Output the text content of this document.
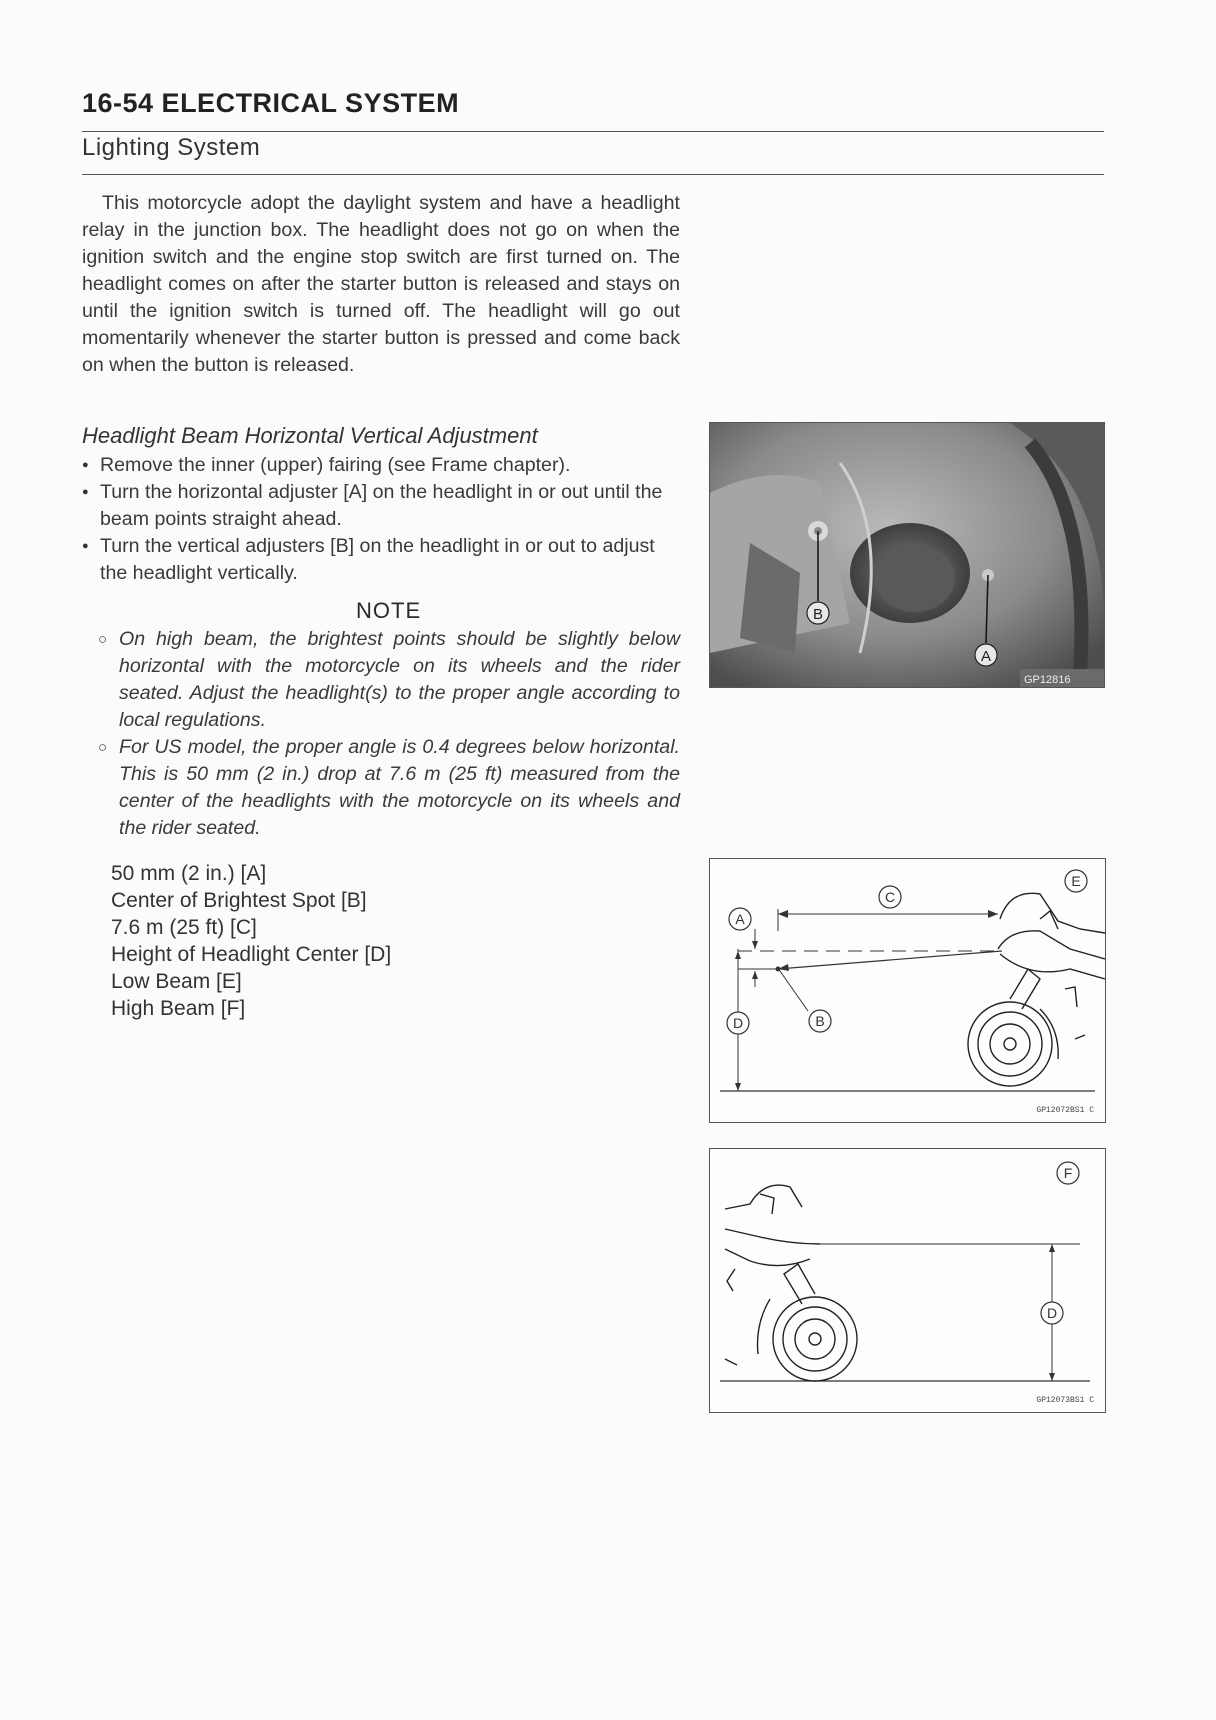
16-54 ELECTRICAL SYSTEM
Lighting System

This motorcycle adopt the daylight system and have a headlight relay in the junction box. The headlight does not go on when the ignition switch and the engine stop switch are first turned on. The headlight comes on after the starter button is released and stays on until the ignition switch is turned off. The headlight will go out momentarily whenever the starter button is pressed and come back on when the button is released.

Headlight Beam Horizontal Vertical Adjustment
● Remove the inner (upper) fairing (see Frame chapter).
● Turn the horizontal adjuster [A] on the headlight in or out until the beam points straight ahead.
● Turn the vertical adjusters [B] on the headlight in or out to adjust the headlight vertically.
NOTE
○ On high beam, the brightest points should be slightly below horizontal with the motorcycle on its wheels and the rider seated. Adjust the headlight(s) to the proper angle according to local regulations.
○ For US model, the proper angle is 0.4 degrees below horizontal. This is 50 mm (2 in.) drop at 7.6 m (25 ft) measured from the center of the headlights with the motorcycle on its wheels and the rider seated.
50 mm (2 in.) [A]
Center of Brightest Spot [B]
7.6 m (25 ft) [C]
Height of Headlight Center [D]
Low Beam [E]
High Beam [F]
B
A
GP12816
C
A
D	B
E
GP12072BS1 C
D
F
GP12073BS1 C
